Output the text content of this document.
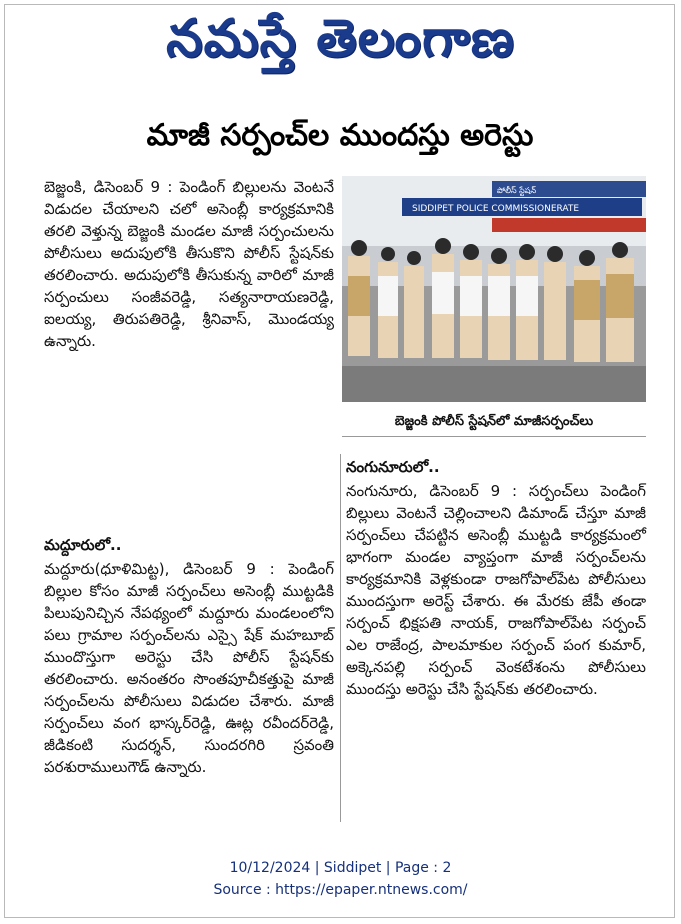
నమస్తే తెలంగాణ
మాజీ సర్పంచ్‌ల ముందస్తు అరెస్టు

బెజ్జంకి, డిసెంబర్ 9 : పెండింగ్ బిల్లులను వెంటనే విడుదల చేయాలని చలో అసెంబ్లీ కార్యక్రమానికి తరలి వెళ్తున్న బెజ్జంకి మండల మాజీ సర్పంచులను పోలీసులు అదుపులోకి తీసుకొని పోలీస్ స్టేషన్‌కు తరలించారు. అదుపులోకి తీసుకున్న వారిలో మాజీ సర్పంచులు సంజీవరెడ్డి, సత్యనారాయణరెడ్డి, ఐలయ్య, తిరుపతిరెడ్డి, శ్రీనివాస్, మొండయ్య ఉన్నారు.

పోలీస్ స్టేషన్
SIDDIPET POLICE COMMISSIONERATE
బెజ్జంకి పోలీస్ స్టేషన్‌లో మాజీసర్పంచ్‌లు

మద్దూరులో..

మద్దూరు(ధూళిమిట్ట), డిసెంబర్ 9 : పెండింగ్ బిల్లుల కోసం మాజీ సర్పంచ్‌లు అసెంబ్లీ ముట్టడికి పిలుపునిచ్చిన నేపథ్యంలో మద్దూరు మండలంలోని పలు గ్రామాల సర్పంచ్‌లను ఎస్సై షేక్ మహబూబ్ ముందొస్తుగా అరెస్టు చేసి పోలీస్ స్టేషన్‌కు తరలించారు. అనంతరం సొంతపూచీకత్తుపై మాజీ సర్పంచ్‌లను పోలీసులు విడుదల చేశారు. మాజీ సర్పంచ్‌లు వంగ భాస్కర్‌రెడ్డి, ఊట్ల రవీందర్‌రెడ్డి, జీడికంటి సుదర్శన్, సుందరగిరి స్రవంతి పరశురాములుగౌడ్ ఉన్నారు.

నంగునూరులో..

నంగునూరు, డిసెంబర్ 9 : సర్పంచ్‌లు పెండింగ్ బిల్లులు వెంటనే చెల్లించాలని డిమాండ్ చేస్తూ మాజీ సర్పంచ్‌లు చేపట్టిన అసెంబ్లీ ముట్టడి కార్యక్రమంలో భాగంగా మండల వ్యాప్తంగా మాజీ సర్పంచ్‌లను కార్యక్రమానికి వెళ్లకుండా రాజగోపాల్‌పేట పోలీసులు ముందస్తుగా అరెస్ట్ చేశారు. ఈ మేరకు జేపీ తండా సర్పంచ్ భిక్షపతి నాయక్, రాజగోపాల్‌పేట సర్పంచ్ ఎల రాజేంద్ర, పాలమాకుల సర్పంచ్ పంగ కుమార్, అక్కెనపల్లి సర్పంచ్ వెంకటేశంను పోలీసులు ముందస్తు అరెస్టు చేసి స్టేషన్‌కు తరలించారు.

10/12/2024 | Siddipet | Page : 2
Source : https://epaper.ntnews.com/
